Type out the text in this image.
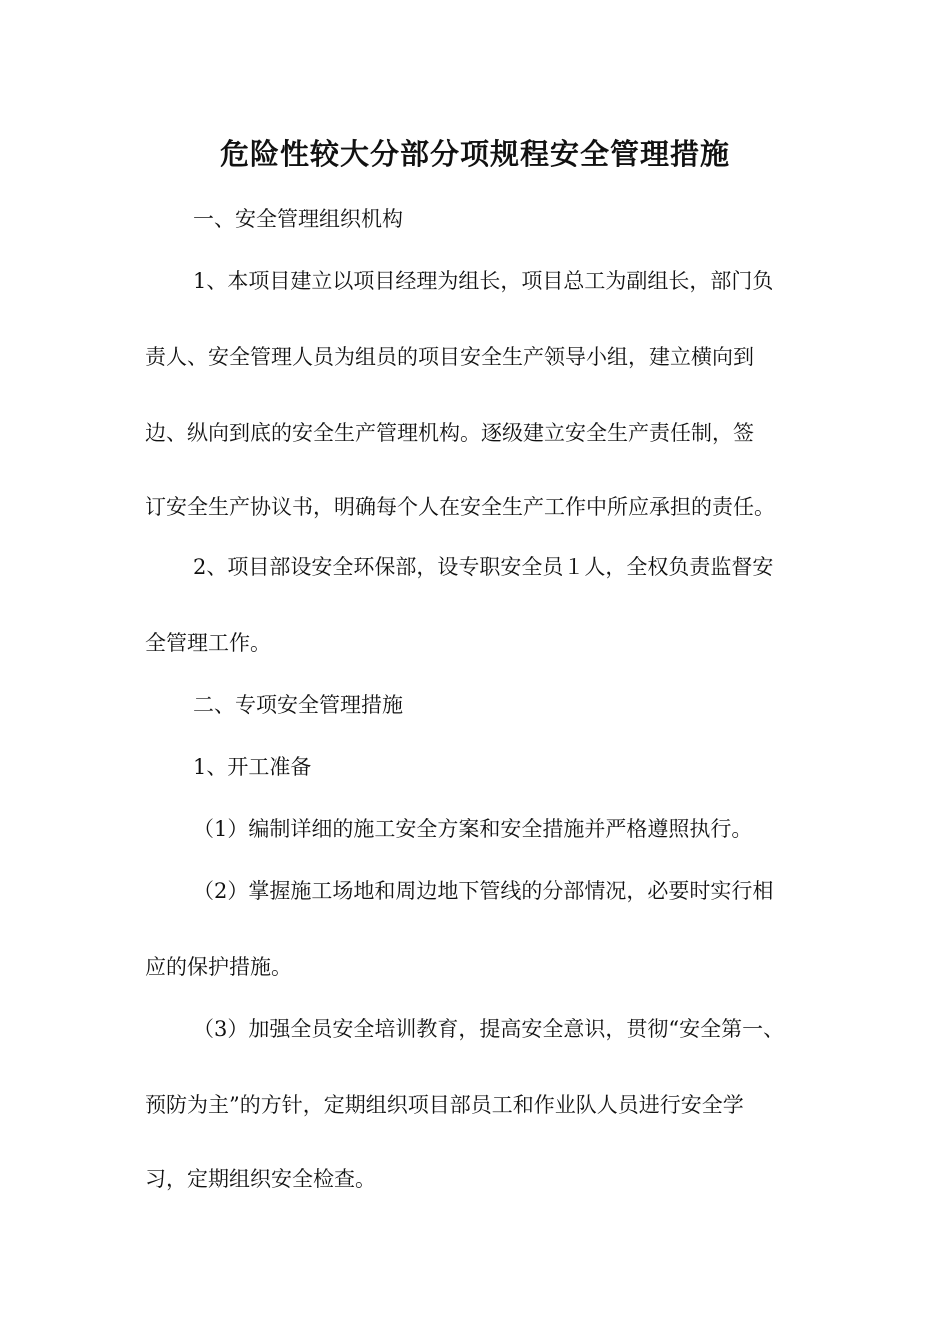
危险性较大分部分项规程安全管理措施
一、安全管理组织机构
1、本项目建立以项目经理为组长，项目总工为副组长，部门负
责人、安全管理人员为组员的项目安全生产领导小组，建立横向到
边、纵向到底的安全生产管理机构。逐级建立安全生产责任制，签
订安全生产协议书，明确每个人在安全生产工作中所应承担的责任。
2、项目部设安全环保部，设专职安全员１人，全权负责监督安
全管理工作。
二、专项安全管理措施
1、开工准备
（1）编制详细的施工安全方案和安全措施并严格遵照执行。
（2）掌握施工场地和周边地下管线的分部情况，必要时实行相
应的保护措施。
（3）加强全员安全培训教育，提高安全意识，贯彻“安全第一、
预防为主”的方针，定期组织项目部员工和作业队人员进行安全学
习，定期组织安全检查。
